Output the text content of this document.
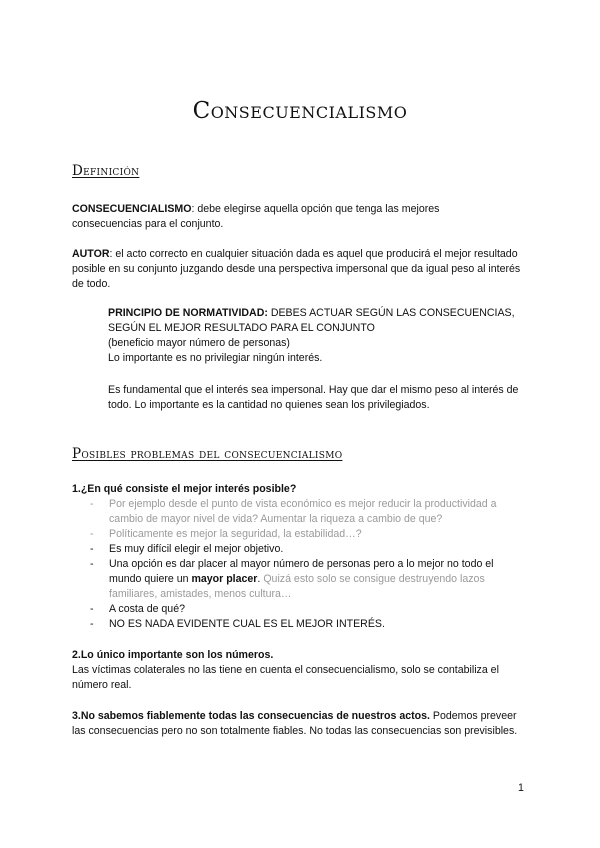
Consecuencialismo
Definición
CONSECUENCIALISMO: debe elegirse aquella opción que tenga las mejores consecuencias para el conjunto.
AUTOR: el acto correcto en cualquier situación dada es aquel que producirá el mejor resultado posible en su conjunto juzgando desde una perspectiva impersonal que da igual peso al interés de todo.

PRINCIPIO DE NORMATIVIDAD: DEBES ACTUAR SEGÚN LAS CONSECUENCIAS, SEGÚN EL MEJOR RESULTADO PARA EL CONJUNTO

(beneficio mayor número de personas)

Lo importante es no privilegiar ningún interés.

Es fundamental que el interés sea impersonal. Hay que dar el mismo peso al interés de todo. Lo importante es la cantidad no quienes sean los privilegiados.
Posibles problemas del consecuencialismo
1.¿En qué consiste el mejor interés posible?
- Por ejemplo desde el punto de vista económico es mejor reducir la productividad a cambio de mayor nivel de vida? Aumentar la riqueza a cambio de que?
- Políticamente es mejor la seguridad, la estabilidad…?
- Es muy difícil elegir el mejor objetivo.
- Una opción es dar placer al mayor número de personas pero a lo mejor no todo el mundo quiere un mayor placer. Quizá esto solo se consigue destruyendo lazos familiares, amistades, menos cultura…
- A costa de qué?
- NO ES NADA EVIDENTE CUAL ES EL MEJOR INTERÉS.

2.Lo único importante son los números.

Las víctimas colaterales no las tiene en cuenta el consecuencialismo, solo se contabiliza el número real.

3.No sabemos fiablemente todas las consecuencias de nuestros actos. Podemos preveer las consecuencias pero no son totalmente fiables. No todas las consecuencias son previsibles.
1
